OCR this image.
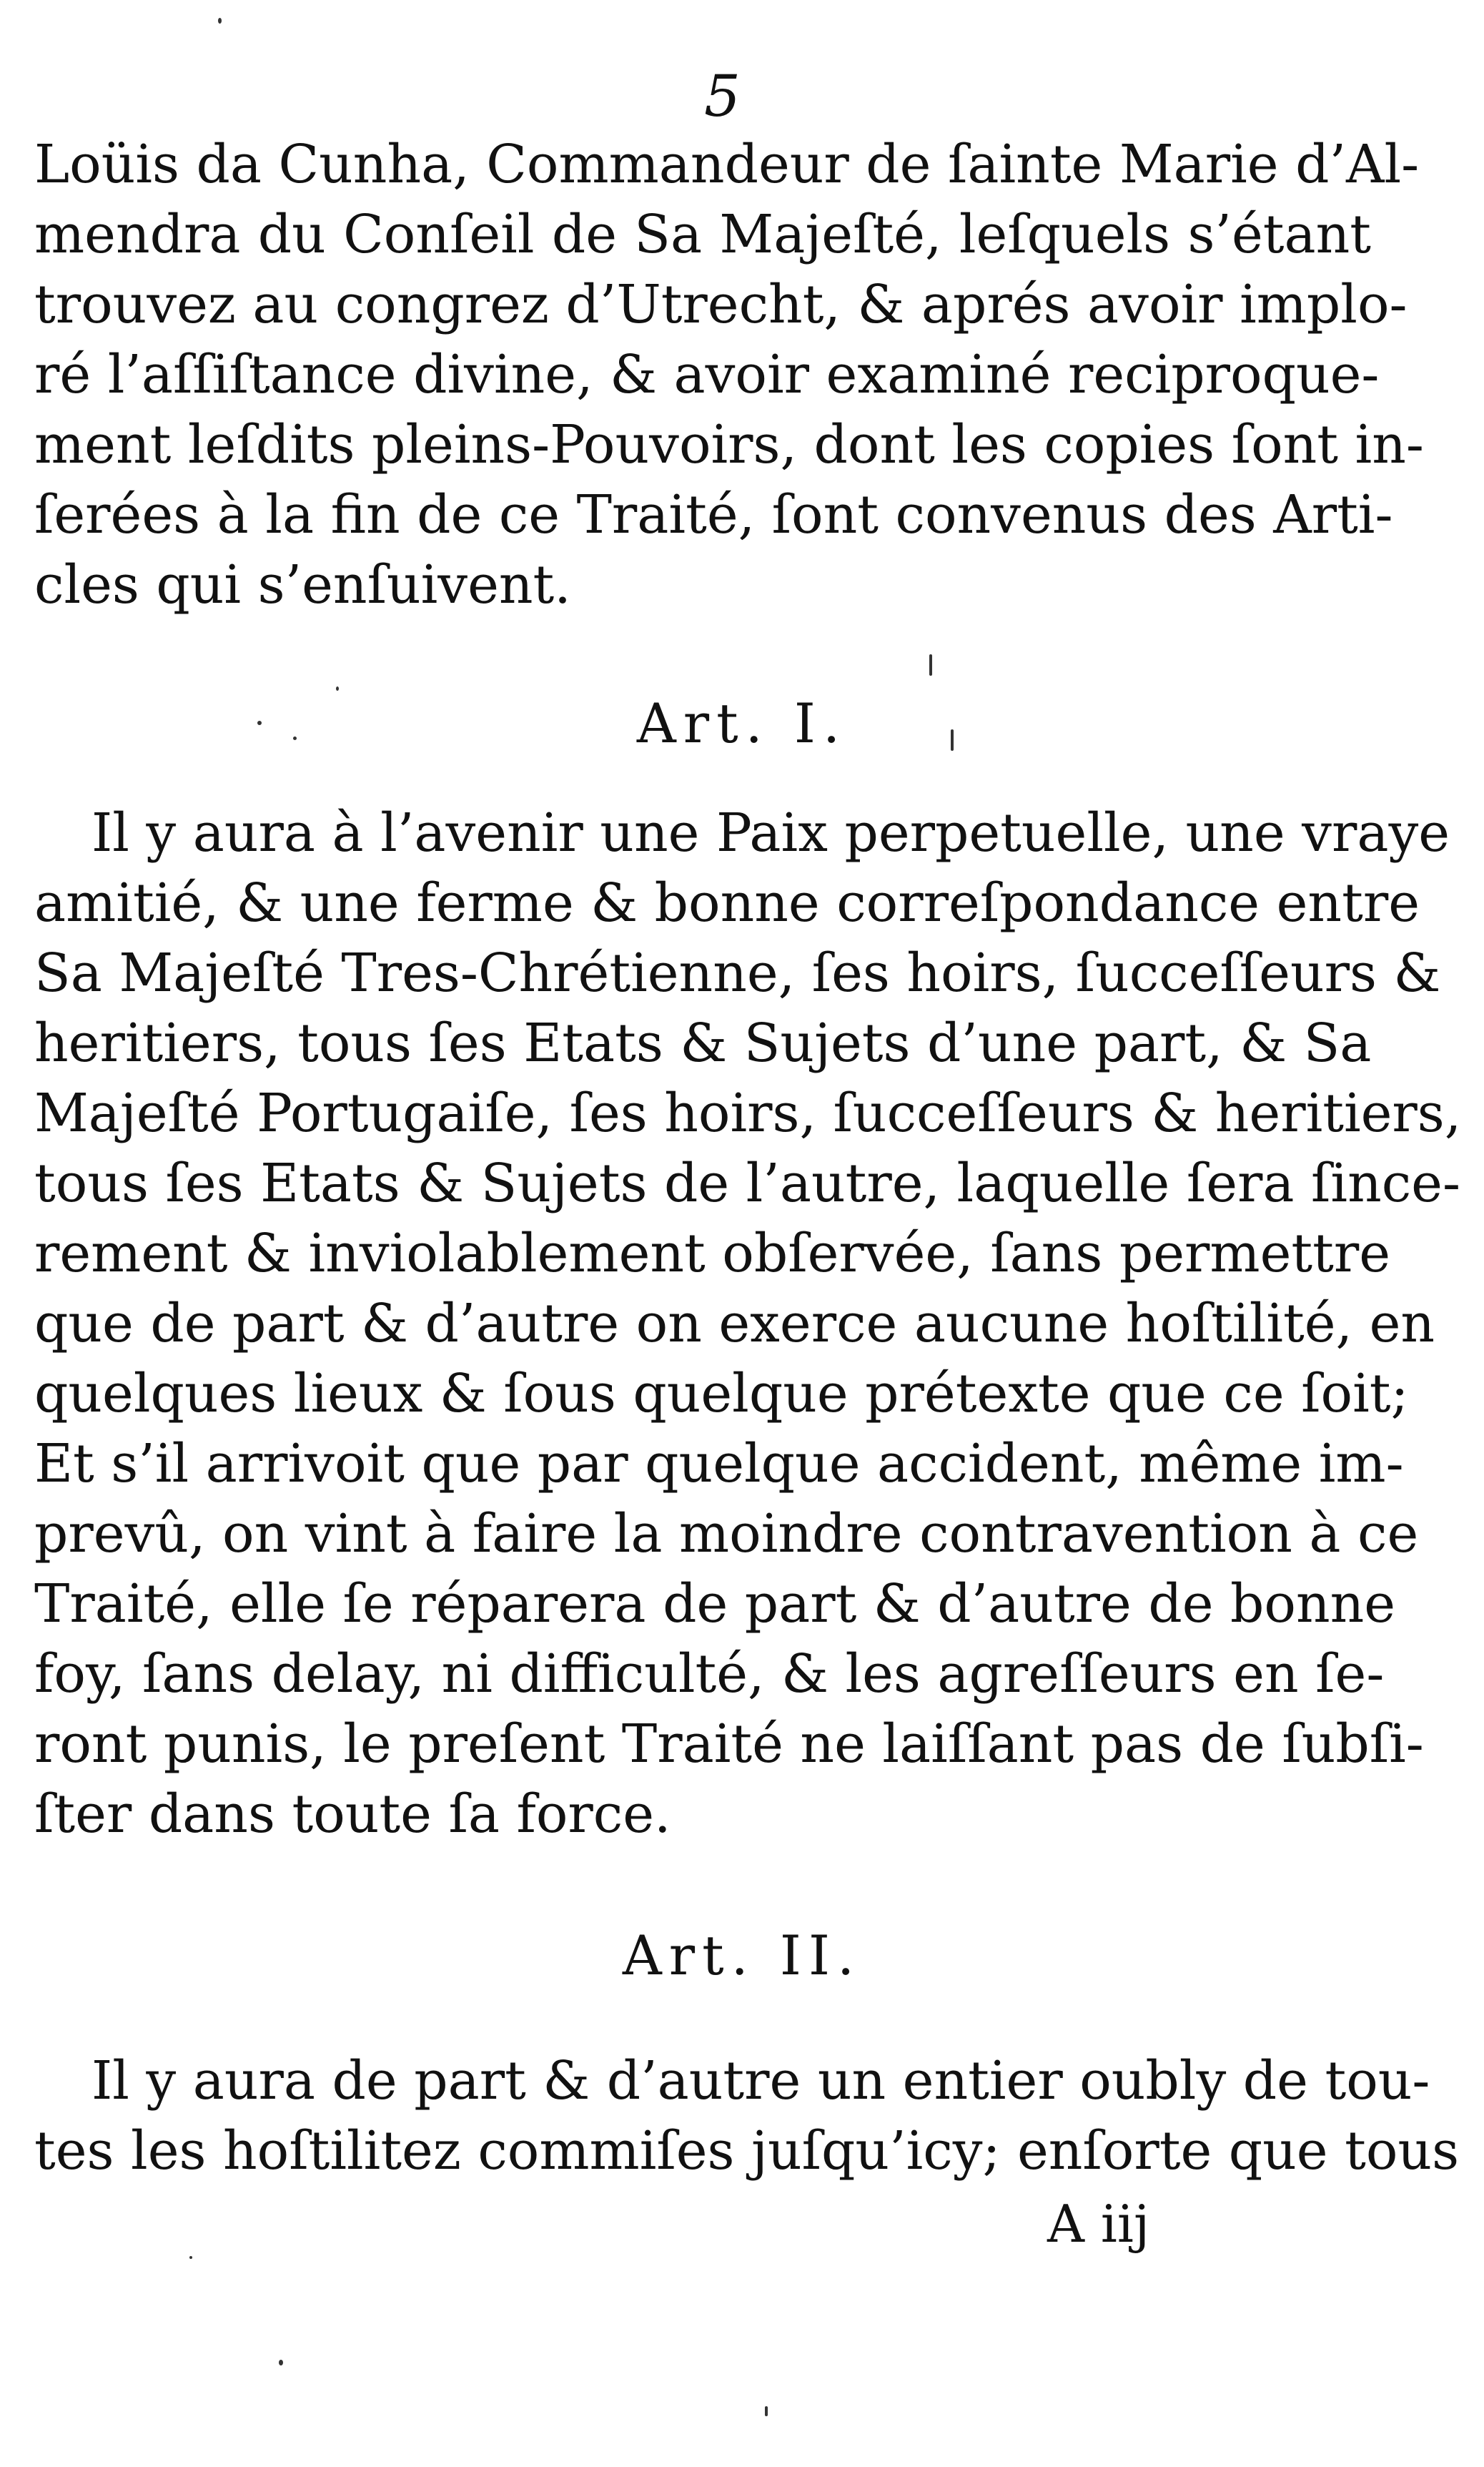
5
Loüis da Cunha, Commandeur de ſainte Marie d’Al-
mendra du Conſeil de Sa Majeſté, leſquels s’étant
trouvez au congrez d’Utrecht, & aprés avoir implo-
ré l’aſſiſtance divine, & avoir examiné reciproque-
ment leſdits pleins-Pouvoirs, dont les copies ſont in-
ſerées à la fin de ce Traité, ſont convenus des Arti-
cles qui s’enſuivent.
Art. I.
Il y aura à l’avenir une Paix perpetuelle, une vraye
amitié, & une ferme & bonne correſpondance entre
Sa Majeſté Tres-Chrétienne, ſes hoirs, ſucceſſeurs &
heritiers, tous ſes Etats & Sujets d’une part, & Sa
Majeſté Portugaiſe, ſes hoirs, ſucceſſeurs & heritiers,
tous ſes Etats & Sujets de l’autre, laquelle ſera ſince-
rement & inviolablement obſervée, ſans permettre
que de part & d’autre on exerce aucune hoſtilité, en
quelques lieux & ſous quelque prétexte que ce ſoit;
Et s’il arrivoit que par quelque accident, même im-
prevû, on vint à faire la moindre contravention à ce
Traité, elle ſe réparera de part & d’autre de bonne
foy, ſans delay, ni difficulté, & les agreſſeurs en ſe-
ront punis, le preſent Traité ne laiſſant pas de ſubſi-
ſter dans toute ſa force.
Art. II.
Il y aura de part & d’autre un entier oubly de tou-
tes les hoſtilitez commiſes juſqu’icy; enſorte que tous
A iij
